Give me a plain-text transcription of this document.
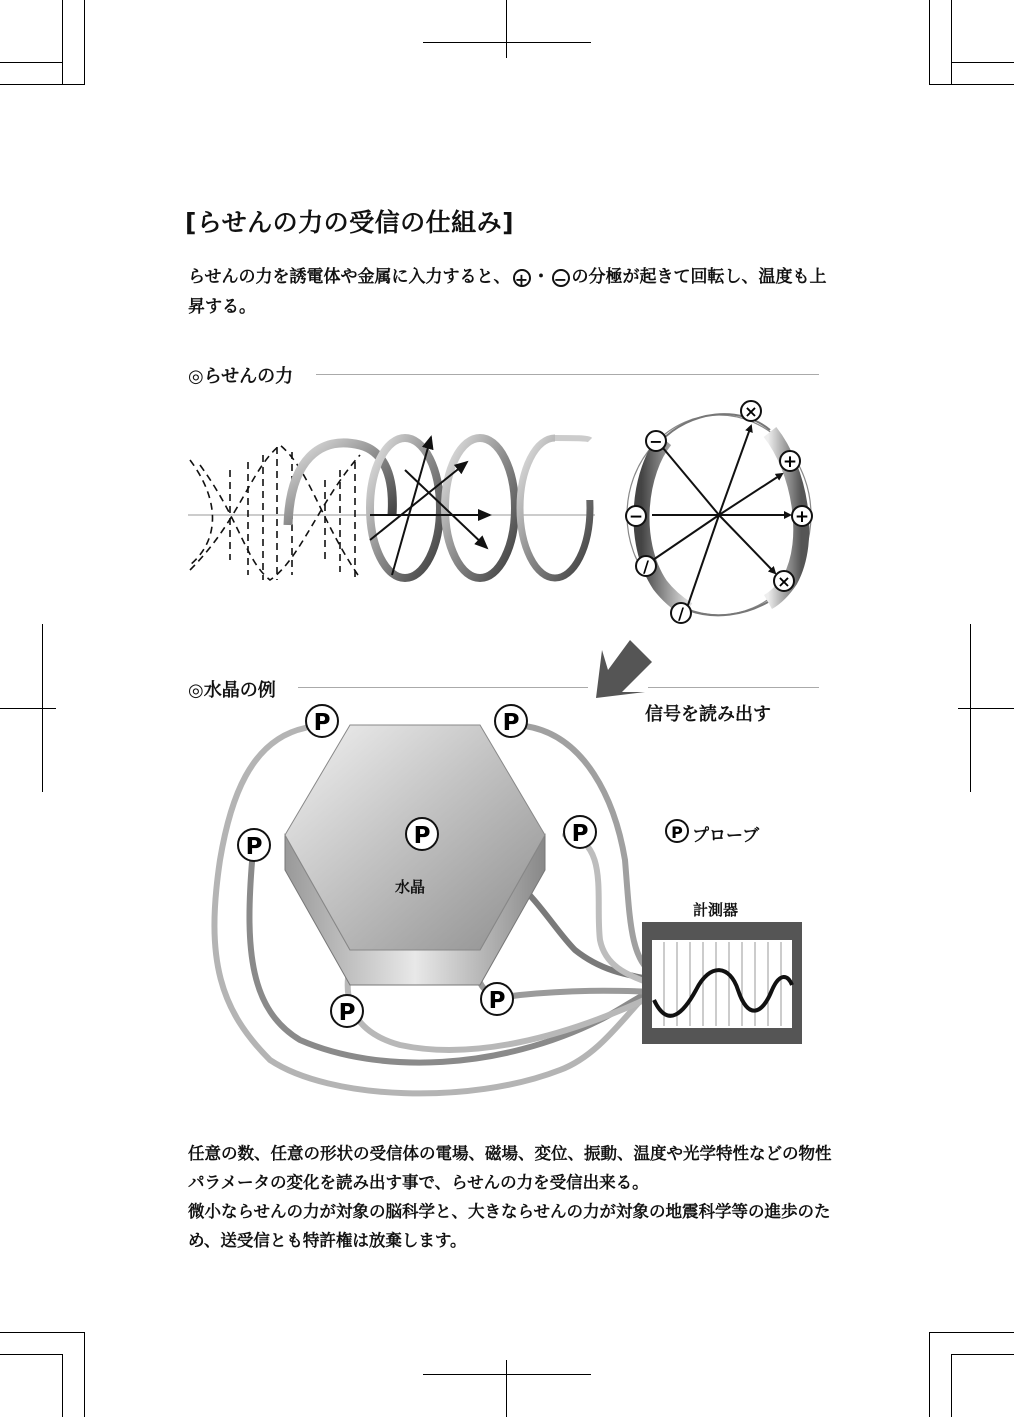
[らせんの力の受信の仕組み]
らせんの力を誘電体や金属に入力すると、 + ・ − の分極が起きて回転し、温度も上昇する。
◎らせんの力
×
+
+
×
−
−
/
/
P	P
P	P
P
P	P
P
◎水晶の例
信号を読み出す
水晶
プローブ
計測器

任意の数、任意の形状の受信体の電場、磁場、変位、振動、温度や光学特性などの物性パラメータの変化を読み出す事で、らせんの力を受信出来る。

微小ならせんの力が対象の脳科学と、大きならせんの力が対象の地震科学等の進歩のため、送受信とも特許権は放棄します。
